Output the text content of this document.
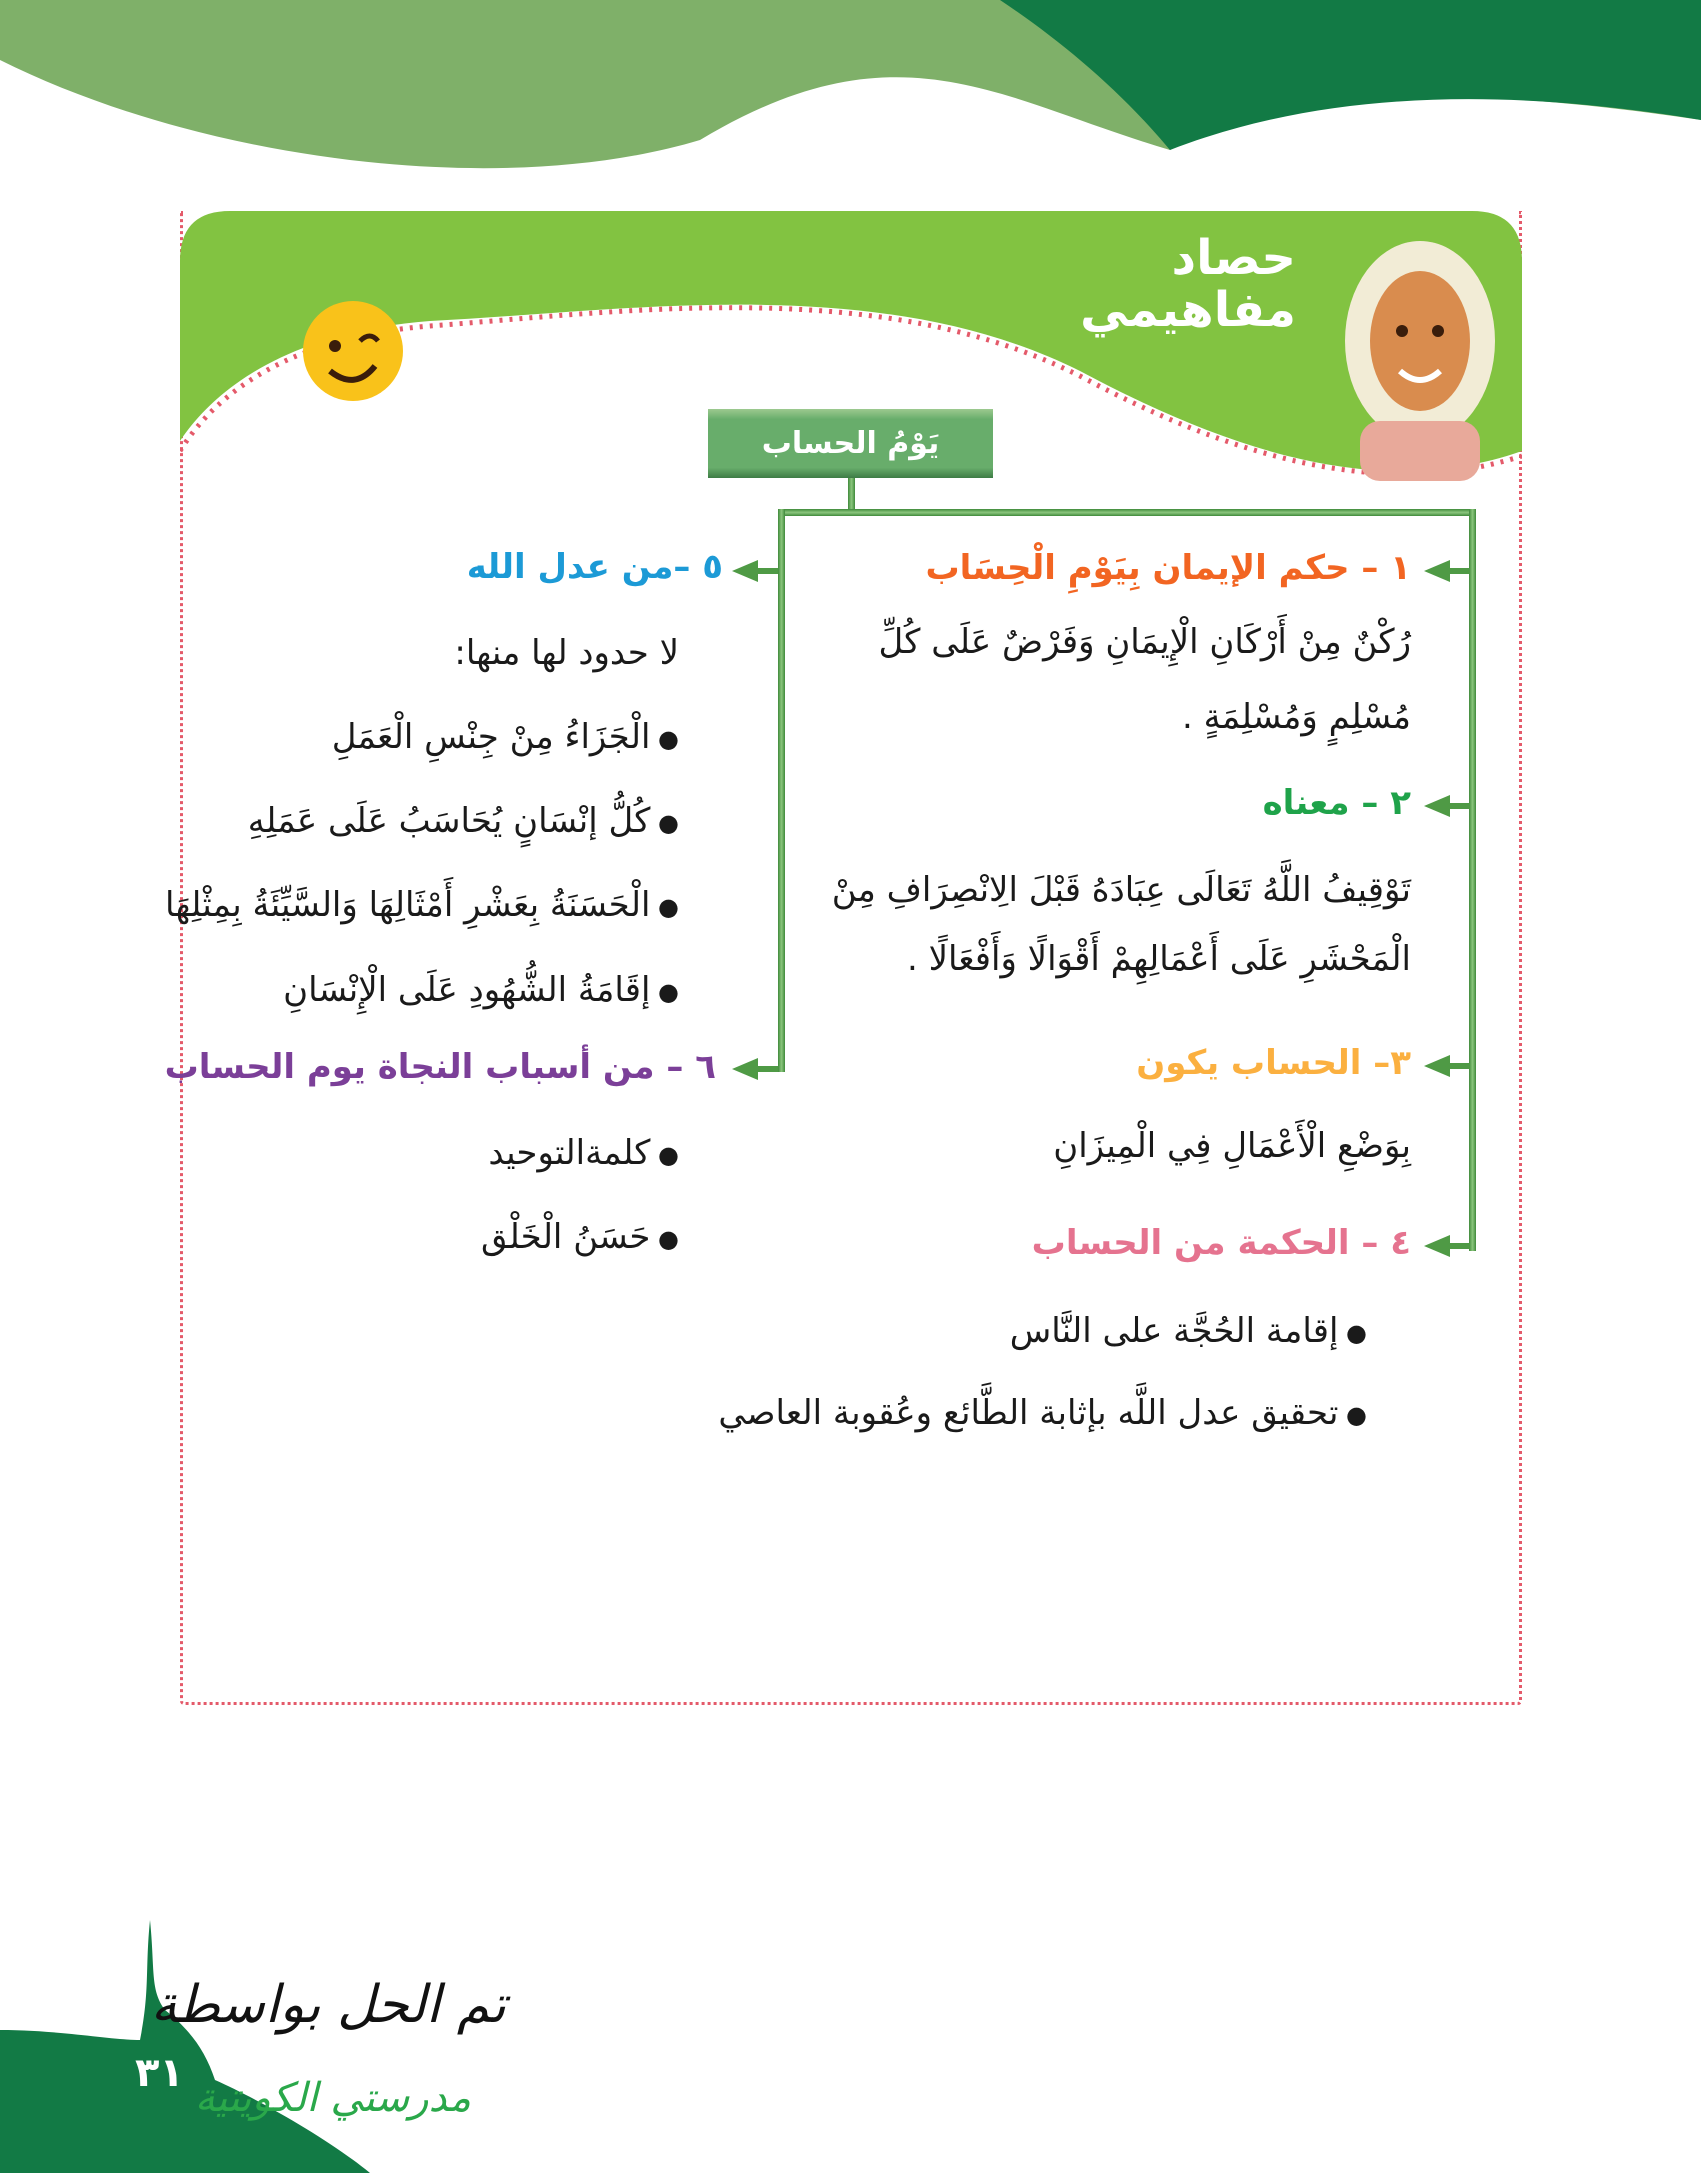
حصاد
مفاهيمي
يَوْمُ الحساب
١ – حكم الإيمان بِيَوْمِ الْحِسَاب
رُكْنٌ مِنْ أَرْكَانِ الْإِيمَانِ وَفَرْضٌ عَلَى كُلِّ
مُسْلِمٍ وَمُسْلِمَةٍ .
٢ – معناه
تَوْقِيفُ اللَّهُ تَعَالَى عِبَادَهُ قَبْلَ الِانْصِرَافِ مِنْ
الْمَحْشَرِ عَلَى أَعْمَالِهِمْ أَقْوَالًا وَأَفْعَالًا .
٣– الحساب يكون
بِوَضْعِ الْأَعْمَالِ فِي الْمِيزَانِ
٤ – الحكمة من الحساب
● إقامة الحُجَّة على النَّاس
● تحقيق عدل اللَّه بإثابة الطَّائع وعُقوبة العاصي
٥ –من عدل الله
لا حدود لها منها:
● الْجَزَاءُ مِنْ جِنْسِ الْعَمَلِ
● كُلُّ إنْسَانٍ يُحَاسَبُ عَلَى عَمَلِهِ
● الْحَسَنَةُ بِعَشْرِ أَمْثَالِهَا وَالسَّيِّئَةُ بِمِثْلِهَا
● إقَامَةُ الشُّهُودِ عَلَى الْإِنْسَانِ
٦ – من أسباب النجاة يوم الحساب
● كلمةالتوحيد
● حَسَنُ الْخَلْق
٣١
تم الحل بواسطة
مدرستي الكويتية
